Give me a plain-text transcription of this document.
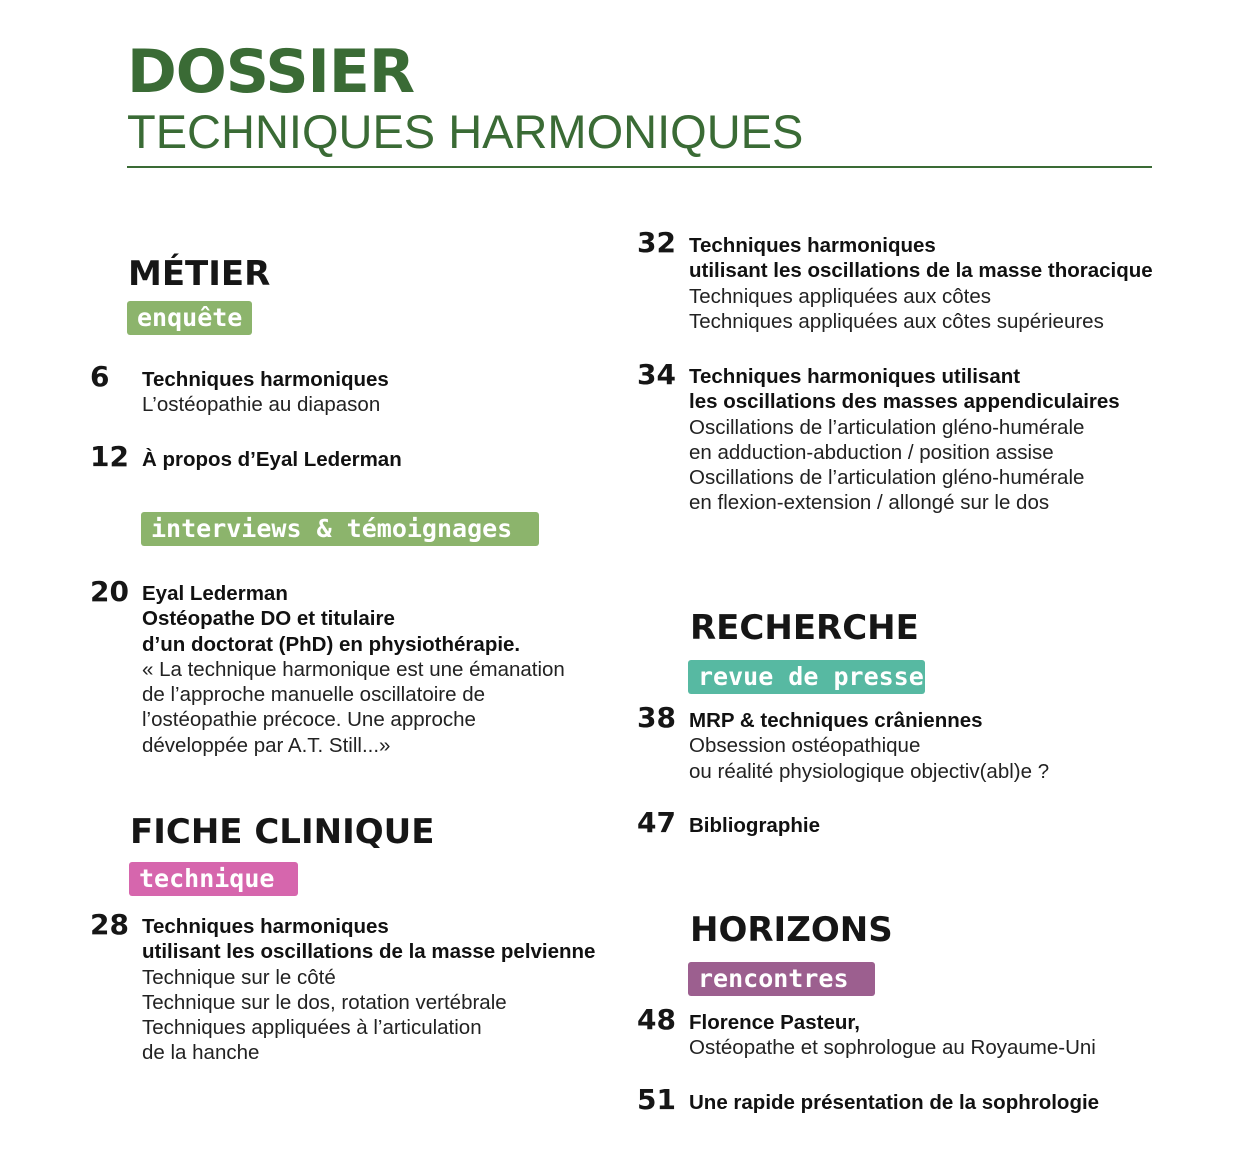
DOSSIER
TECHNIQUES HARMONIQUES
MÉTIER
enquête
6 Techniques harmoniques
L’ostéopathie au diapason
12 À propos d’Eyal Lederman
interviews & témoignages
20 Eyal Lederman
Ostéopathe DO et titulaire
d’un doctorat (PhD) en physiothérapie.
« La technique harmonique est une émanation
de l’approche manuelle oscillatoire de
l’ostéopathie précoce. Une approche
développée par A.T. Still...»
FICHE CLINIQUE
technique
28 Techniques harmoniques
utilisant les oscillations de la masse pelvienne
Technique sur le côté
Technique sur le dos, rotation vertébrale
Techniques appliquées à l’articulation
de la hanche
32 Techniques harmoniques
utilisant les oscillations de la masse thoracique
Techniques appliquées aux côtes
Techniques appliquées aux côtes supérieures
34 Techniques harmoniques utilisant
les oscillations des masses appendiculaires
Oscillations de l’articulation gléno-humérale
en adduction-abduction / position assise
Oscillations de l’articulation gléno-humérale
en flexion-extension / allongé sur le dos
RECHERCHE
revue de presse
38 MRP & techniques crâniennes
Obsession ostéopathique
ou réalité physiologique objectiv(abl)e ?
47 Bibliographie
HORIZONS
rencontres
48 Florence Pasteur,
Ostéopathe et sophrologue au Royaume-Uni
51 Une rapide présentation de la sophrologie
